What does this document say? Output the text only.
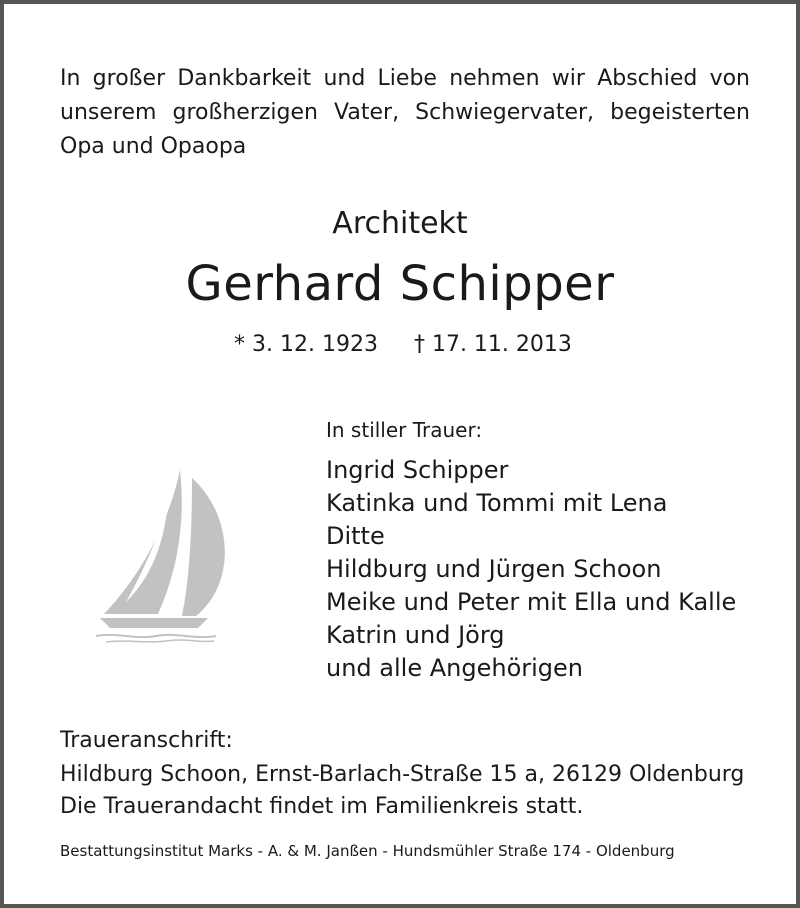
In großer Dankbarkeit und Liebe nehmen wir Abschied von
unserem großherzigen Vater, Schwiegervater, begeisterten
Opa und Opaopa
Architekt
Gerhard Schipper
* 3. 12. 1923 † 17. 11. 2013
In stiller Trauer:
Ingrid Schipper
Katinka und Tommi mit Lena
Ditte
Hildburg und Jürgen Schoon
Meike und Peter mit Ella und Kalle
Katrin und Jörg
und alle Angehörigen
Traueranschrift:
Hildburg Schoon, Ernst-Barlach-Straße 15 a, 26129 Oldenburg
Die Trauerandacht findet im Familienkreis statt.
Bestattungsinstitut Marks - A. & M. Janßen - Hundsmühler Straße 174 - Oldenburg
